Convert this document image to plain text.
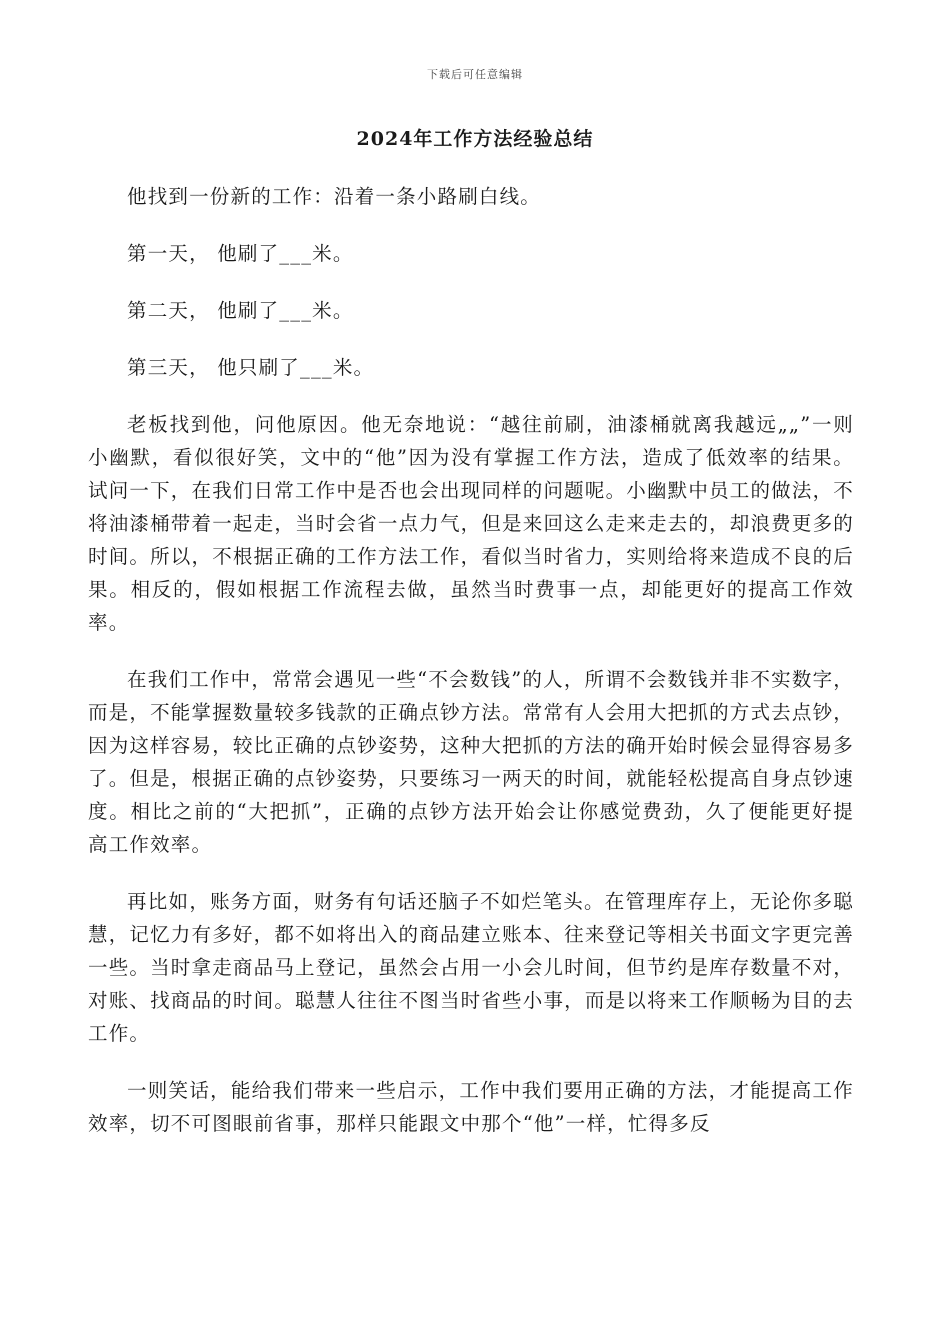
下载后可任意编辑
2024年工作方法经验总结

他找到一份新的工作：沿着一条小路刷白线。

第一天， 他刷了___米。

第二天， 他刷了___米。

第三天， 他只刷了___米。

老板找到他，问他原因。他无奈地说：“越往前刷，油漆桶就离我越远„„”一则小幽默，看似很好笑，文中的“他”因为没有掌握工作方法，造成了低效率的结果。试问一下，在我们日常工作中是否也会出现同样的问题呢。小幽默中员工的做法，不将油漆桶带着一起走，当时会省一点力气，但是来回这么走来走去的，却浪费更多的时间。所以，不根据正确的工作方法工作，看似当时省力，实则给将来造成不良的后果。相反的，假如根据工作流程去做，虽然当时费事一点，却能更好的提高工作效率。

在我们工作中，常常会遇见一些“不会数钱”的人，所谓不会数钱并非不实数字，而是，不能掌握数量较多钱款的正确点钞方法。常常有人会用大把抓的方式去点钞，因为这样容易，较比正确的点钞姿势，这种大把抓的方法的确开始时候会显得容易多了。但是，根据正确的点钞姿势，只要练习一两天的时间，就能轻松提高自身点钞速度。相比之前的“大把抓”，正确的点钞方法开始会让你感觉费劲，久了便能更好提高工作效率。

再比如，账务方面，财务有句话还脑子不如烂笔头。在管理库存上，无论你多聪慧，记忆力有多好，都不如将出入的商品建立账本、往来登记等相关书面文字更完善一些。当时拿走商品马上登记，虽然会占用一小会儿时间，但节约是库存数量不对，对账、找商品的时间。聪慧人往往不图当时省些小事，而是以将来工作顺畅为目的去工作。

一则笑话，能给我们带来一些启示，工作中我们要用正确的方法，才能提高工作效率，切不可图眼前省事，那样只能跟文中那个“他”一样，忙得多反
